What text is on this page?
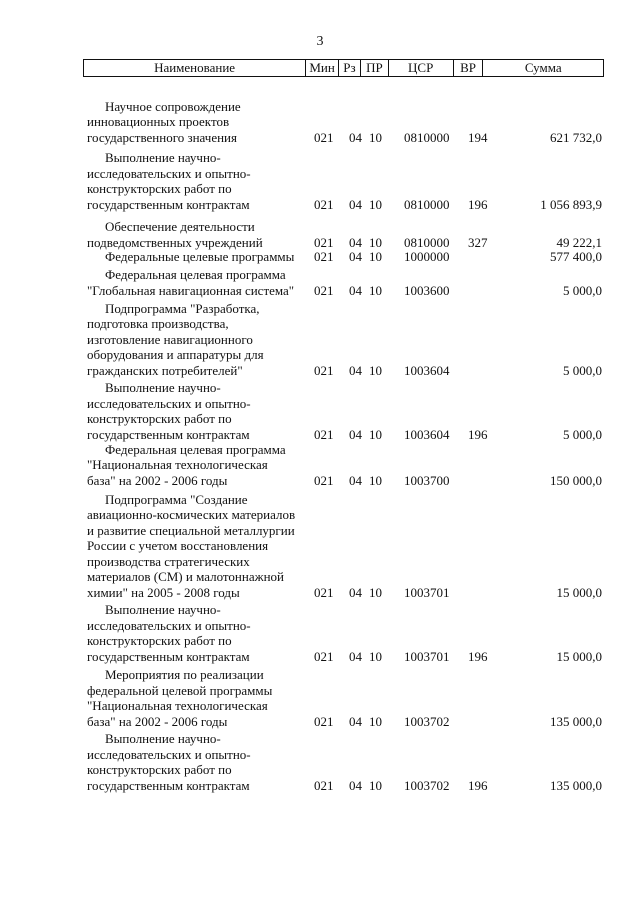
3
Наименование	Мин Рз ПР	ЦСР	ВР	Сумма
Научное сопровождение
инновационных проектов
государственного значения	021 04 10 0810000 194	621 732,0
Выполнение научно-
исследовательских и опытно-
конструкторских работ по
государственным контрактам	021 04 10 0810000 196	1 056 893,9
Обеспечение деятельности
подведомственных учреждений	021 04 10 0810000 327	49 222,1
Федеральные целевые программы	021 04 10 1000000	577 400,0
Федеральная целевая программа
"Глобальная навигационная система"	021 04 10 1003600	5 000,0
Подпрограмма "Разработка,
подготовка производства,
изготовление навигационного
оборудования и аппаратуры для
гражданских потребителей"	021 04 10 1003604	5 000,0
Выполнение научно-
исследовательских и опытно-
конструкторских работ по
государственным контрактам	021 04 10 1003604 196	5 000,0
Федеральная целевая программа
"Национальная технологическая
база" на 2002 - 2006 годы	021 04 10 1003700	150 000,0
Подпрограмма "Создание
авиационно-космических материалов
и развитие специальной металлургии
России с учетом восстановления
производства стратегических
материалов (СМ) и малотоннажной
химии" на 2005 - 2008 годы	021 04 10 1003701	15 000,0
Выполнение научно-
исследовательских и опытно-
конструкторских работ по
государственным контрактам	021 04 10 1003701 196	15 000,0
Мероприятия по реализации
федеральной целевой программы
"Национальная технологическая
база" на 2002 - 2006 годы	021 04 10 1003702	135 000,0
Выполнение научно-
исследовательских и опытно-
конструкторских работ по
государственным контрактам	021 04 10 1003702 196	135 000,0
